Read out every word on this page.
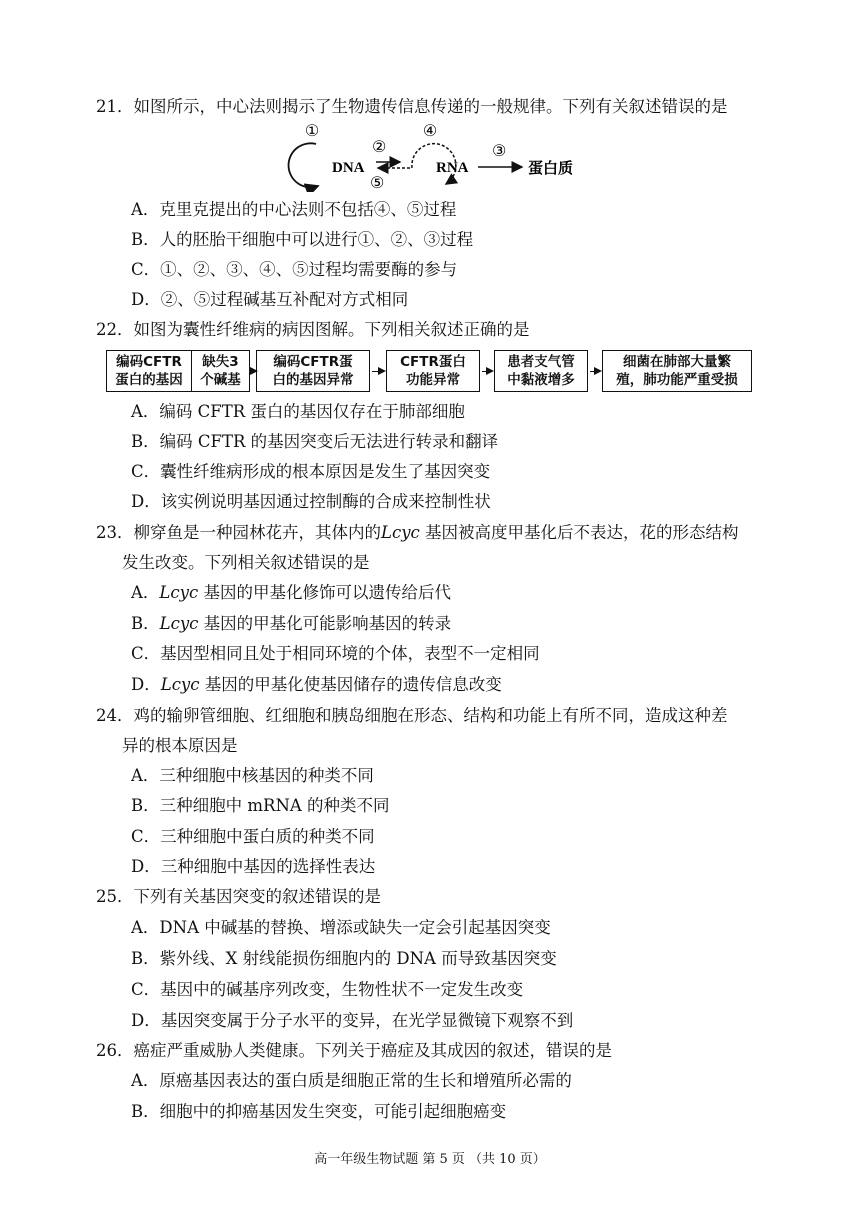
21．如图所示，中心法则揭示了生物遗传信息传递的一般规律。下列有关叙述错误的是
①
DNA
②
⑤
④
RNA
③
蛋白质
A．克里克提出的中心法则不包括④、⑤过程
B．人的胚胎干细胞中可以进行①、②、③过程
C．①、②、③、④、⑤过程均需要酶的参与
D．②、⑤过程碱基互补配对方式相同
22．如图为囊性纤维病的病因图解。下列相关叙述正确的是
编码CFTR
蛋白的基因
缺失3
个碱基
编码CFTR蛋
白的基因异常
CFTR蛋白
功能异常
患者支气管
中黏液增多
细菌在肺部大量繁
殖，肺功能严重受损
A．编码 CFTR 蛋白的基因仅存在于肺部细胞
B．编码 CFTR 的基因突变后无法进行转录和翻译
C．囊性纤维病形成的根本原因是发生了基因突变
D．该实例说明基因通过控制酶的合成来控制性状
23．柳穿鱼是一种园林花卉，其体内的Lcyc 基因被高度甲基化后不表达，花的形态结构
发生改变。下列相关叙述错误的是
A．Lcyc 基因的甲基化修饰可以遗传给后代
B．Lcyc 基因的甲基化可能影响基因的转录
C．基因型相同且处于相同环境的个体，表型不一定相同
D．Lcyc 基因的甲基化使基因储存的遗传信息改变
24．鸡的输卵管细胞、红细胞和胰岛细胞在形态、结构和功能上有所不同，造成这种差
异的根本原因是
A．三种细胞中核基因的种类不同
B．三种细胞中 mRNA 的种类不同
C．三种细胞中蛋白质的种类不同
D．三种细胞中基因的选择性表达
25．下列有关基因突变的叙述错误的是
A．DNA 中碱基的替换、增添或缺失一定会引起基因突变
B．紫外线、X 射线能损伤细胞内的 DNA 而导致基因突变
C．基因中的碱基序列改变，生物性状不一定发生改变
D．基因突变属于分子水平的变异，在光学显微镜下观察不到
26．癌症严重威胁人类健康。下列关于癌症及其成因的叙述，错误的是
A．原癌基因表达的蛋白质是细胞正常的生长和增殖所必需的
B．细胞中的抑癌基因发生突变，可能引起细胞癌变
高一年级生物试题 第 5 页 （共 10 页）
